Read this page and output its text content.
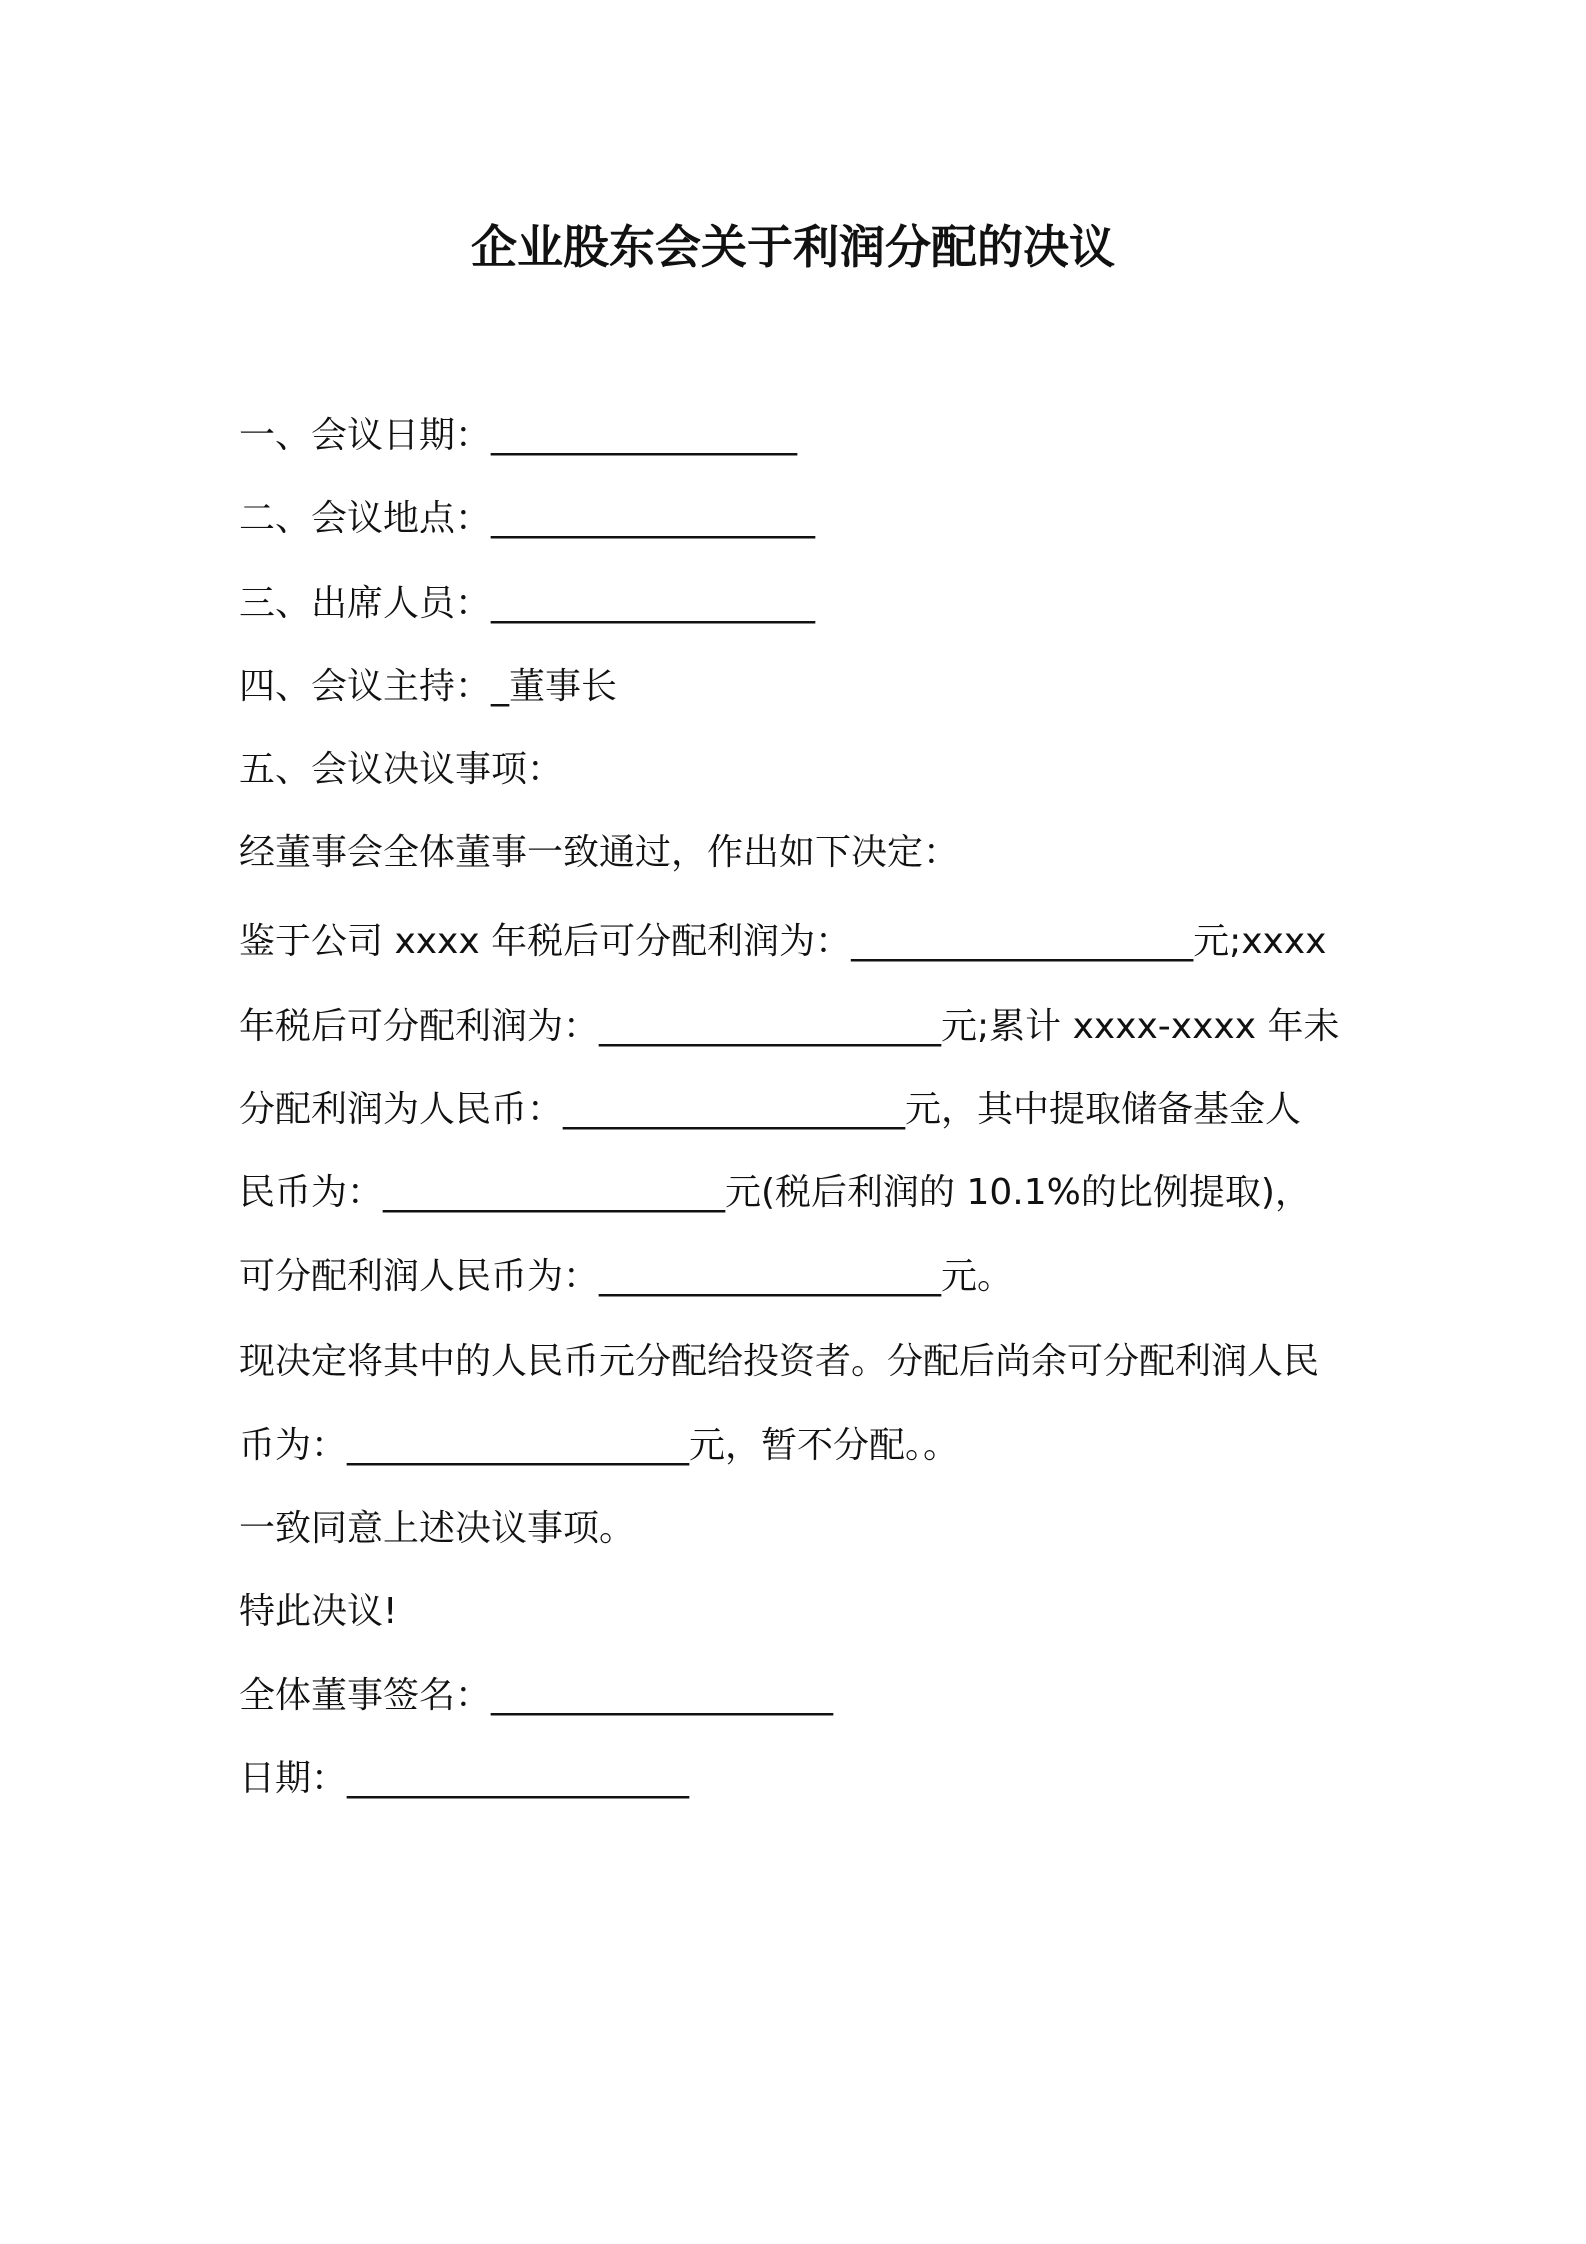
企业股东会关于利润分配的决议
一、会议日期：_________________
二、会议地点：__________________
三、出席人员：__________________
四、会议主持：_董事长
五、会议决议事项：
经董事会全体董事一致通过，作出如下决定：
鉴于公司 xxxx 年税后可分配利润为：___________________元;xxxx
年税后可分配利润为：___________________元;累计 xxxx-xxxx 年未
分配利润为人民币：___________________元，其中提取储备基金人
民币为：___________________元(税后利润的 10.1%的比例提取)，
可分配利润人民币为：___________________元。
现决定将其中的人民币元分配给投资者。分配后尚余可分配利润人民
币为：___________________元，暂不分配。。
一致同意上述决议事项。
特此决议!
全体董事签名：___________________
日期：___________________
